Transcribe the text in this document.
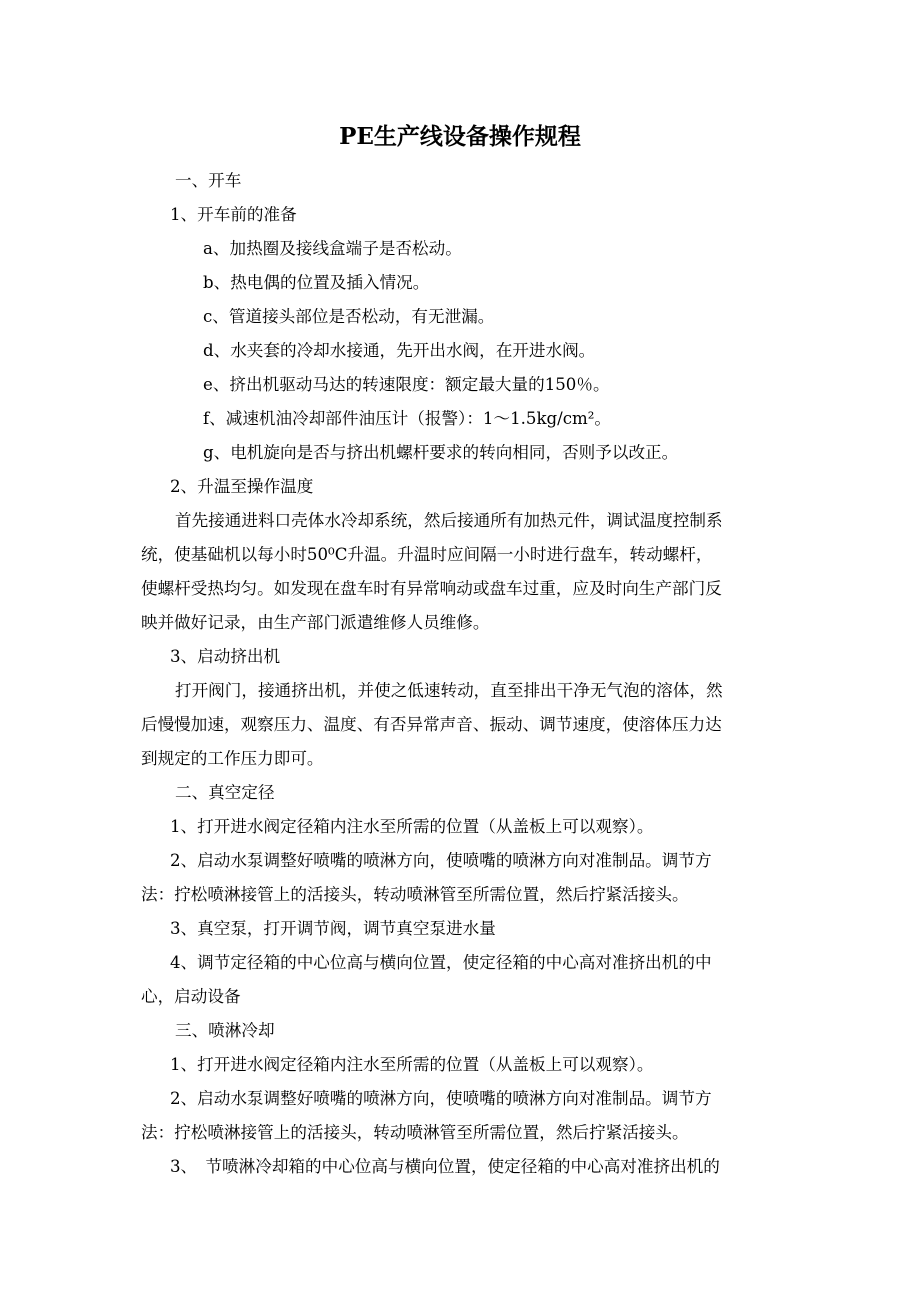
PE生产线设备操作规程
一、开车
1、开车前的准备
a、加热圈及接线盒端子是否松动。
b、热电偶的位置及插入情况。
c、管道接头部位是否松动，有无泄漏。
d、水夹套的冷却水接通，先开出水阀，在开进水阀。
e、挤出机驱动马达的转速限度：额定最大量的150％。
f、减速机油冷却部件油压计（报警）：1～1.5kg/cm²。
g、电机旋向是否与挤出机螺杆要求的转向相同，否则予以改正。
2、升温至操作温度
首先接通进料口壳体水冷却系统，然后接通所有加热元件，调试温度控制系
统，使基础机以每小时50⁰C升温。升温时应间隔一小时进行盘车，转动螺杆，
使螺杆受热均匀。如发现在盘车时有异常响动或盘车过重，应及时向生产部门反
映并做好记录，由生产部门派遣维修人员维修。
3、启动挤出机
打开阀门，接通挤出机，并使之低速转动，直至排出干净无气泡的溶体，然
后慢慢加速，观察压力、温度、有否异常声音、振动、调节速度，使溶体压力达
到规定的工作压力即可。
二、真空定径
1、打开进水阀定径箱内注水至所需的位置（从盖板上可以观察）。
2、启动水泵调整好喷嘴的喷淋方向，使喷嘴的喷淋方向对准制品。调节方
法：拧松喷淋接管上的活接头，转动喷淋管至所需位置，然后拧紧活接头。
3、真空泵，打开调节阀，调节真空泵进水量
4、调节定径箱的中心位高与横向位置，使定径箱的中心高对准挤出机的中
心，启动设备
三、喷淋冷却
1、打开进水阀定径箱内注水至所需的位置（从盖板上可以观察）。
2、启动水泵调整好喷嘴的喷淋方向，使喷嘴的喷淋方向对准制品。调节方
法：拧松喷淋接管上的活接头，转动喷淋管至所需位置，然后拧紧活接头。
3、　节喷淋冷却箱的中心位高与横向位置，使定径箱的中心高对准挤出机的
